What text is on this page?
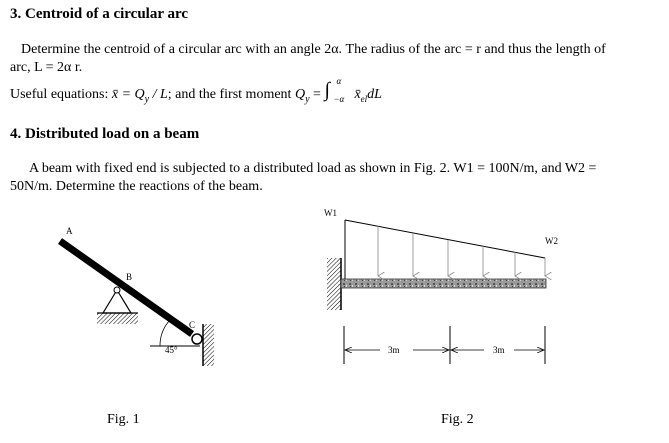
3. Centroid of a circular arc
Determine the centroid of a circular arc with an angle 2α. The radius of the arc = r and thus the length of
arc, L = 2α r.
Useful equations: x̄ = $Q_y$ / L; and the first moment $Q_y$ = ∫ α
−α $x̄_{el}dL$
4. Distributed load on a beam
A beam with fixed end is subjected to a distributed load as shown in Fig. 2. W1 = 100N/m, and W2 =
50N/m. Determine the reactions of the beam.
A
B
C
45°
Fig. 1
W1
W2
3m	3m
Fig. 2
